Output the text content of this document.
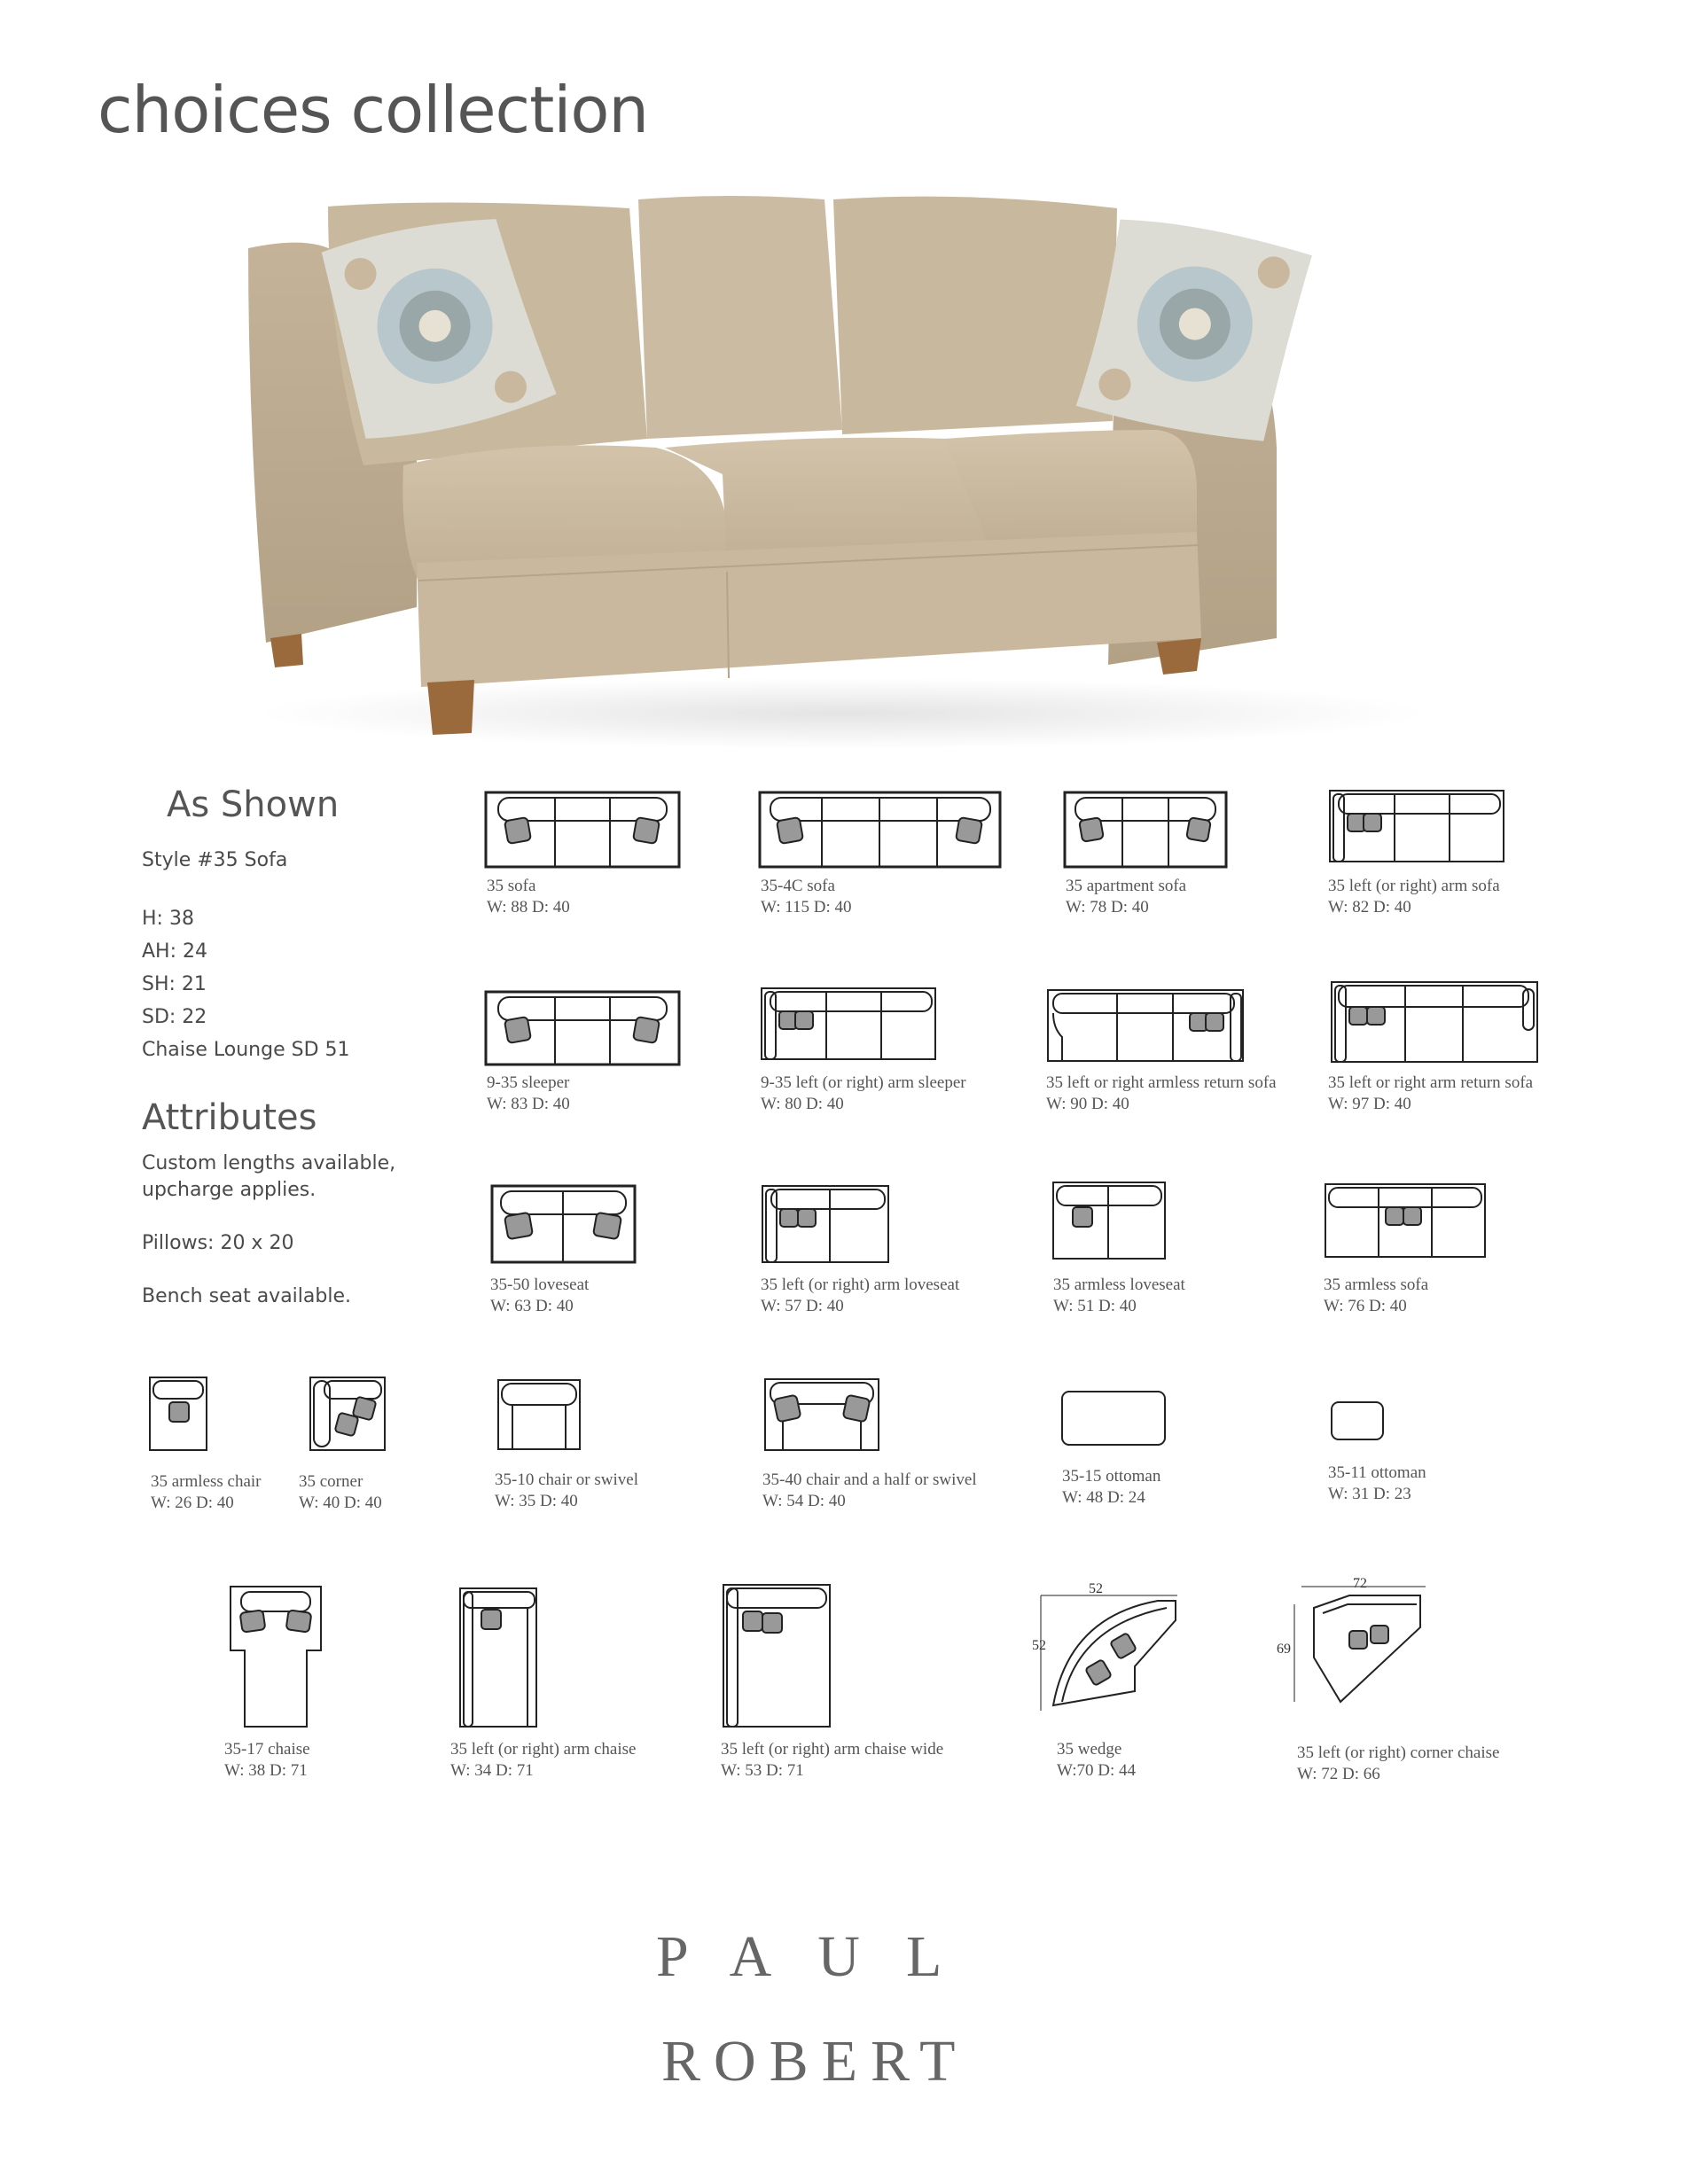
choices collection
As Shown
Style #35 Sofa
H: 38
AH: 24
SH: 21
SD: 22
Chaise Lounge SD 51
Attributes
Custom lengths available,
upcharge applies.
Pillows: 20 x 20
Bench seat available.
35 sofa
W: 88 D: 40
35-4C sofa
W: 115 D: 40
35 apartment sofa
W: 78 D: 40
35 left (or right) arm sofa
W: 82 D: 40
9-35 sleeper
W: 83 D: 40
9-35 left (or right) arm sleeper
W: 80 D: 40
35 left or right armless return sofa
W: 90 D: 40
35 left or right arm return sofa
W: 97 D: 40
35-50 loveseat
W: 63 D: 40
35 left (or right) arm loveseat
W: 57 D: 40
35 armless loveseat
W: 51 D: 40
35 armless sofa
W: 76 D: 40
35 armless chair
W: 26 D: 40
35 corner
W: 40 D: 40
35-10 chair or swivel
W: 35 D: 40
35-40 chair and a half or swivel
W: 54 D: 40
35-15 ottoman
W: 48 D: 24
35-11 ottoman
W: 31 D: 23
35-17 chaise
W: 38 D: 71
35 left (or right) arm chaise
W: 34 D: 71
35 left (or right) arm chaise wide
W: 53 D: 71
52
52
35 wedge
W:70 D: 44
72
69
35 left (or right) corner chaise
W: 72 D: 66
PAUL
ROBERT
